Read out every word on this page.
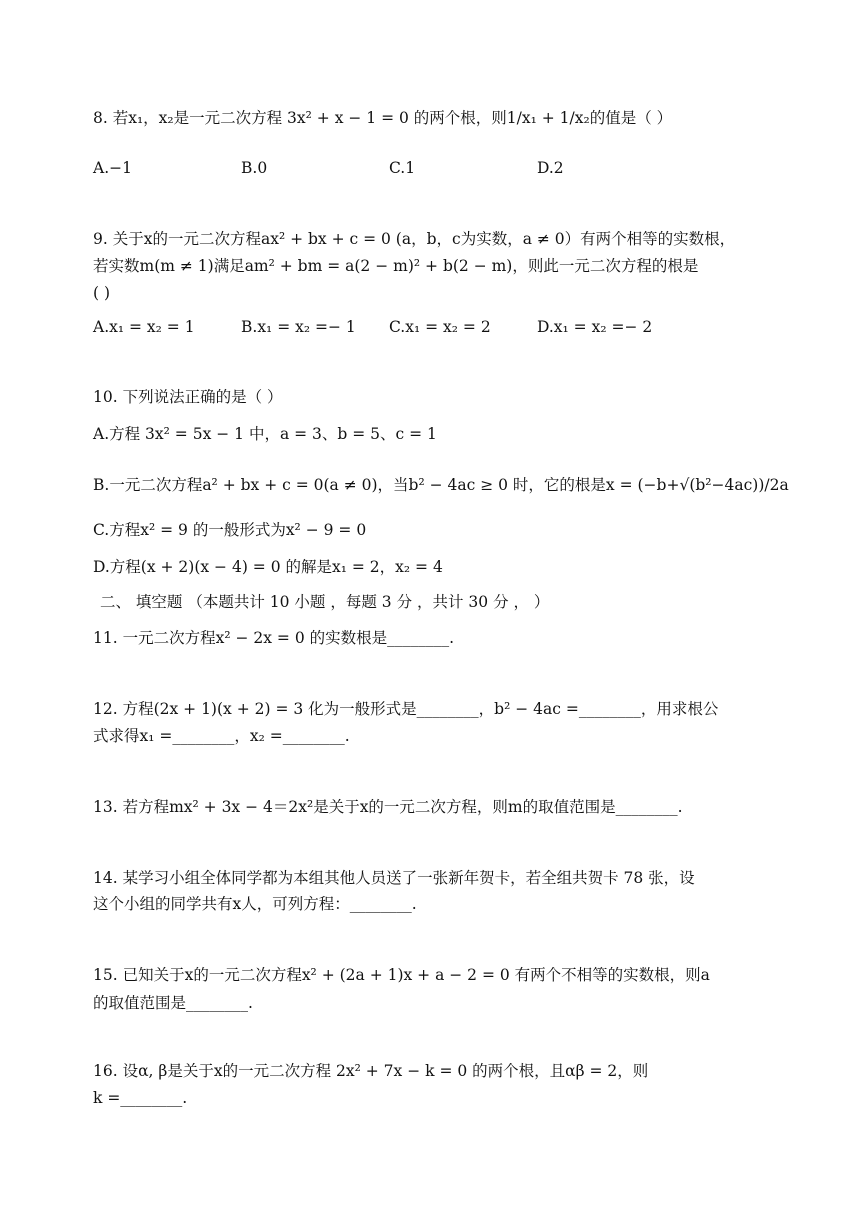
8. 若x₁，x₂是一元二次方程 3x² + x − 1 = 0 的两个根，则1/x₁ + 1/x₂的值是（ ）
A.−1	B.0	C.1	D.2
9. 关于x的一元二次方程ax² + bx + c = 0 (a，b，c为实数，a ≠ 0）有两个相等的实数根，
若实数m(m ≠ 1)满足am² + bm = a(2 − m)² + b(2 − m)，则此一元二次方程的根是
( )
A.x₁ = x₂ = 1	B.x₁ = x₂ =− 1 C.x₁ = x₂ = 2	D.x₁ = x₂ =− 2
10. 下列说法正确的是（ ）
A.方程 3x² = 5x − 1 中，a = 3、b = 5、c = 1
B.一元二次方程a² + bx + c = 0(a ≠ 0)，当b² − 4ac ≥ 0 时，它的根是x = (−b+√(b²−4ac))/2a
C.方程x² = 9 的一般形式为x² − 9 = 0
D.方程(x + 2)(x − 4) = 0 的解是x₁ = 2，x₂ = 4
二、 填空题 （本题共计 10 小题 ，每题 3 分 ，共计 30 分 ， ）
11. 一元二次方程x² − 2x = 0 的实数根是________.
12. 方程(2x + 1)(x + 2) = 3 化为一般形式是________，b² − 4ac =________，用求根公
式求得x₁ =________，x₂ =________.
13. 若方程mx² + 3x − 4＝2x²是关于x的一元二次方程，则m的取值范围是________.
14. 某学习小组全体同学都为本组其他人员送了一张新年贺卡，若全组共贺卡 78 张，设
这个小组的同学共有x人，可列方程：________.
15. 已知关于x的一元二次方程x² + (2a + 1)x + a − 2 = 0 有两个不相等的实数根，则a
的取值范围是________.
16. 设α, β是关于x的一元二次方程 2x² + 7x − k = 0 的两个根，且αβ = 2，则
k =________.
